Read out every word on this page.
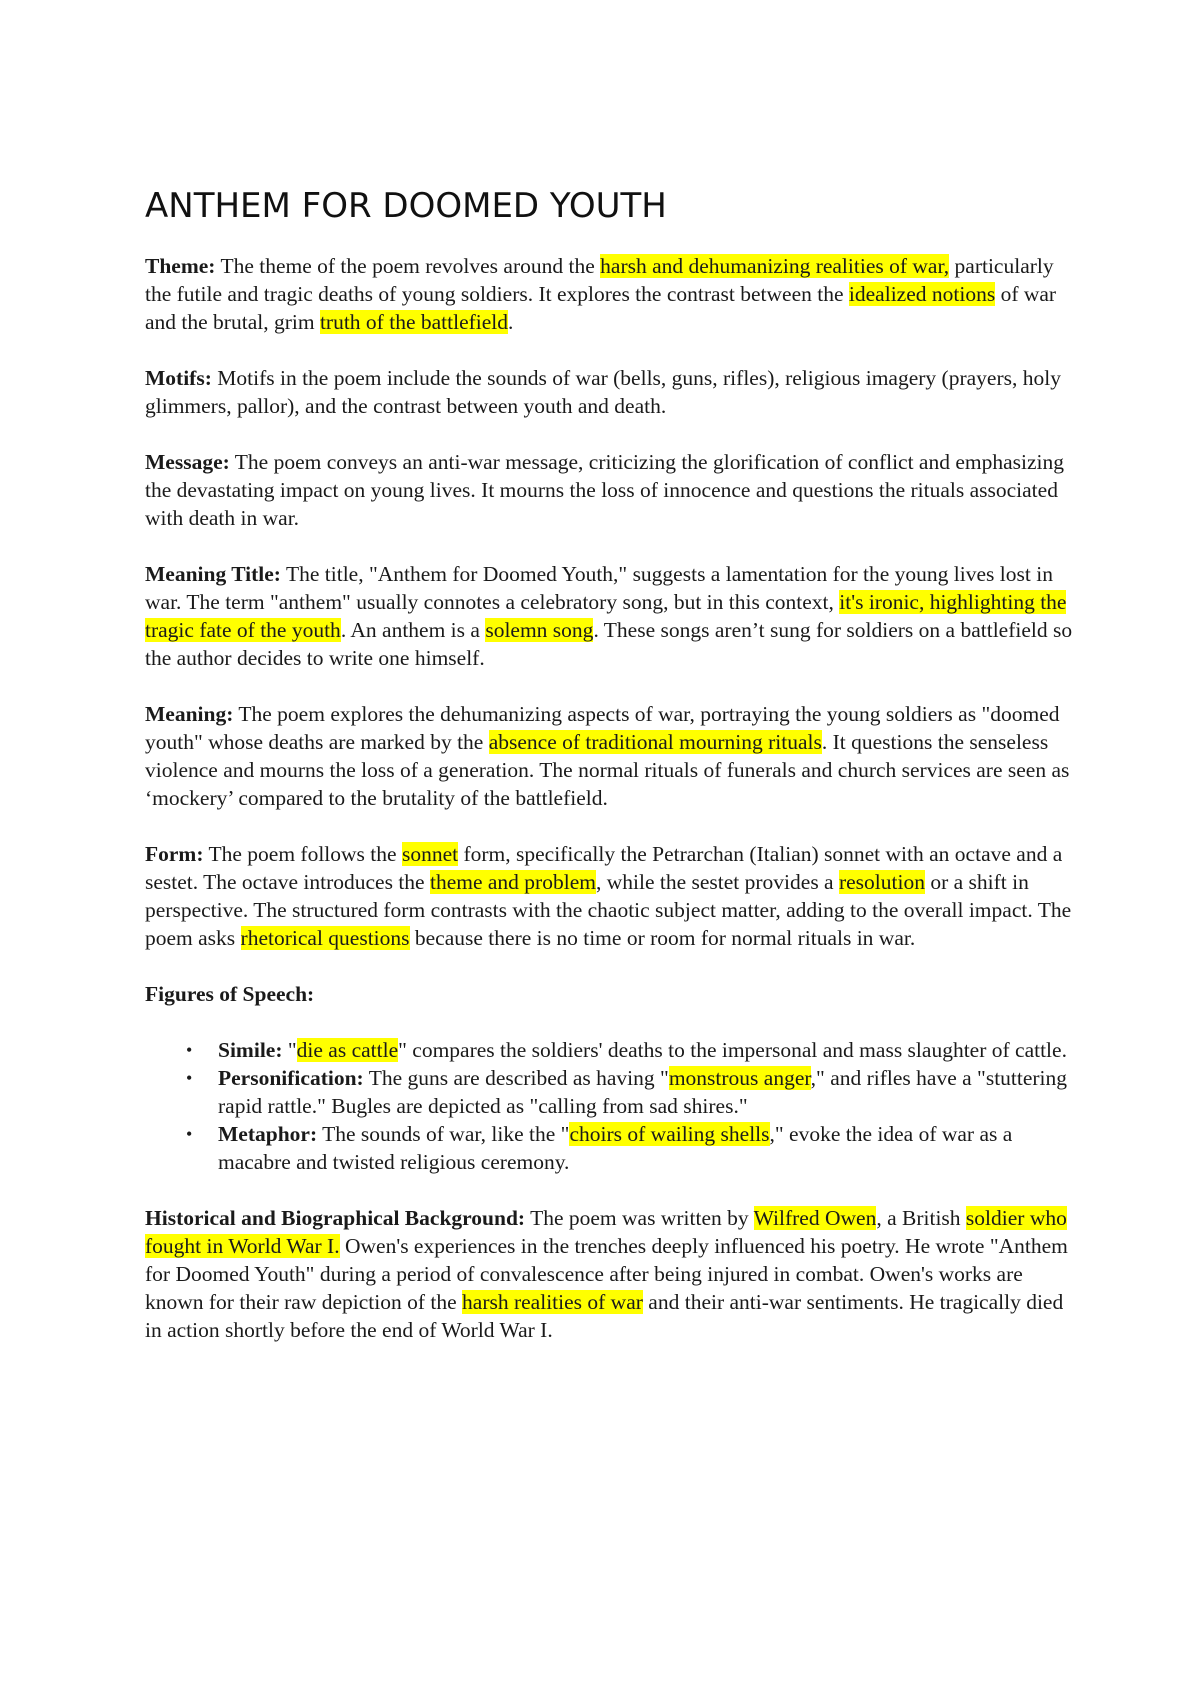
ANTHEM FOR DOOMED YOUTH

Theme: The theme of the poem revolves around the harsh and dehumanizing realities of war, particularly the futile and tragic deaths of young soldiers. It explores the contrast between the idealized notions of war and the brutal, grim truth of the battlefield.

Motifs: Motifs in the poem include the sounds of war (bells, guns, rifles), religious imagery (prayers, holy glimmers, pallor), and the contrast between youth and death.

Message: The poem conveys an anti-war message, criticizing the glorification of conflict and emphasizing the devastating impact on young lives. It mourns the loss of innocence and questions the rituals associated with death in war.

Meaning Title: The title, "Anthem for Doomed Youth," suggests a lamentation for the young lives lost in war. The term "anthem" usually connotes a celebratory song, but in this context, it's ironic, highlighting the tragic fate of the youth. An anthem is a solemn song. These songs aren’t sung for soldiers on a battlefield so the author decides to write one himself.

Meaning: The poem explores the dehumanizing aspects of war, portraying the young soldiers as "doomed youth" whose deaths are marked by the absence of traditional mourning rituals. It questions the senseless violence and mourns the loss of a generation. The normal rituals of funerals and church services are seen as ‘mockery’ compared to the brutality of the battlefield.

Form: The poem follows the sonnet form, specifically the Petrarchan (Italian) sonnet with an octave and a sestet. The octave introduces the theme and problem, while the sestet provides a resolution or a shift in perspective. The structured form contrasts with the chaotic subject matter, adding to the overall impact. The poem asks rhetorical questions because there is no time or room for normal rituals in war.

Figures of Speech:

• Simile: "die as cattle" compares the soldiers' deaths to the impersonal and mass slaughter of cattle.
• Personification: The guns are described as having "monstrous anger," and rifles have a "stuttering rapid rattle." Bugles are depicted as "calling from sad shires."
• Metaphor: The sounds of war, like the "choirs of wailing shells," evoke the idea of war as a macabre and twisted religious ceremony.

Historical and Biographical Background: The poem was written by Wilfred Owen, a British soldier who fought in World War I. Owen's experiences in the trenches deeply influenced his poetry. He wrote "Anthem for Doomed Youth" during a period of convalescence after being injured in combat. Owen's works are known for their raw depiction of the harsh realities of war and their anti-war sentiments. He tragically died in action shortly before the end of World War I.
